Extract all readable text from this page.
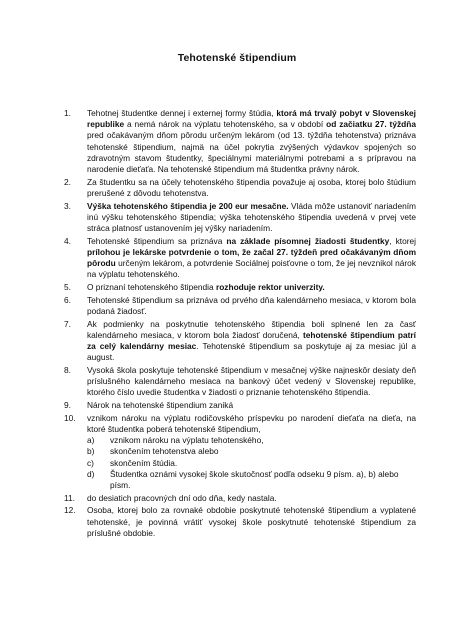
Tehotenské štipendium
1. Tehotnej študentke dennej i externej formy štúdia, ktorá má trvalý pobyt v Slovenskej republike a nemá nárok na výplatu tehotenského, sa v období od začiatku 27. týždňa pred očakávaným dňom pôrodu určeným lekárom (od 13. týždňa tehotenstva) priznáva tehotenské štipendium, najmä na účel pokrytia zvýšených výdavkov spojených so zdravotným stavom študentky, špeciálnymi materiálnymi potrebami a s prípravou na narodenie dieťaťa. Na tehotenské štipendium má študentka právny nárok.
2. Za študentku sa na účely tehotenského štipendia považuje aj osoba, ktorej bolo štúdium prerušené z dôvodu tehotenstva.
3. Výška tehotenského štipendia je 200 eur mesačne. Vláda môže ustanoviť nariadením inú výšku tehotenského štipendia; výška tehotenského štipendia uvedená v prvej vete stráca platnosť ustanovením jej výšky nariadením.
4. Tehotenské štipendium sa priznáva na základe písomnej žiadosti študentky, ktorej prílohou je lekárske potvrdenie o tom, že začal 27. týždeň pred očakávaným dňom pôrodu určeným lekárom, a potvrdenie Sociálnej poisťovne o tom, že jej nevznikol nárok na výplatu tehotenského.
5. O priznaní tehotenského štipendia rozhoduje rektor univerzity.
6. Tehotenské štipendium sa priznáva od prvého dňa kalendárneho mesiaca, v ktorom bola podaná žiadosť.
7. Ak podmienky na poskytnutie tehotenského štipendia boli splnené len za časť kalendárneho mesiaca, v ktorom bola žiadosť doručená, tehotenské štipendium patrí za celý kalendárny mesiac. Tehotenské štipendium sa poskytuje aj za mesiac júl a august.
8. Vysoká škola poskytuje tehotenské štipendium v mesačnej výške najneskôr desiaty deň príslušného kalendárneho mesiaca na bankový účet vedený v Slovenskej republike, ktorého číslo uvedie študentka v žiadosti o priznanie tehotenského štipendia.
9. Nárok na tehotenské štipendium zaniká
10. vznikom nároku na výplatu rodičovského príspevku po narodení dieťaťa na dieťa, na ktoré študentka poberá tehotenské štipendium,
a) vznikom nároku na výplatu tehotenského,
b) skončením tehotenstva alebo
c) skončením štúdia.
d) Študentka oznámi vysokej škole skutočnosť podľa odseku 9 písm. a), b) alebo písm.
11. do desiatich pracovných dní odo dňa, kedy nastala.
12. Osoba, ktorej bolo za rovnaké obdobie poskytnuté tehotenské štipendium a vyplatené tehotenské, je povinná vrátiť vysokej škole poskytnuté tehotenské štipendium za príslušné obdobie.
